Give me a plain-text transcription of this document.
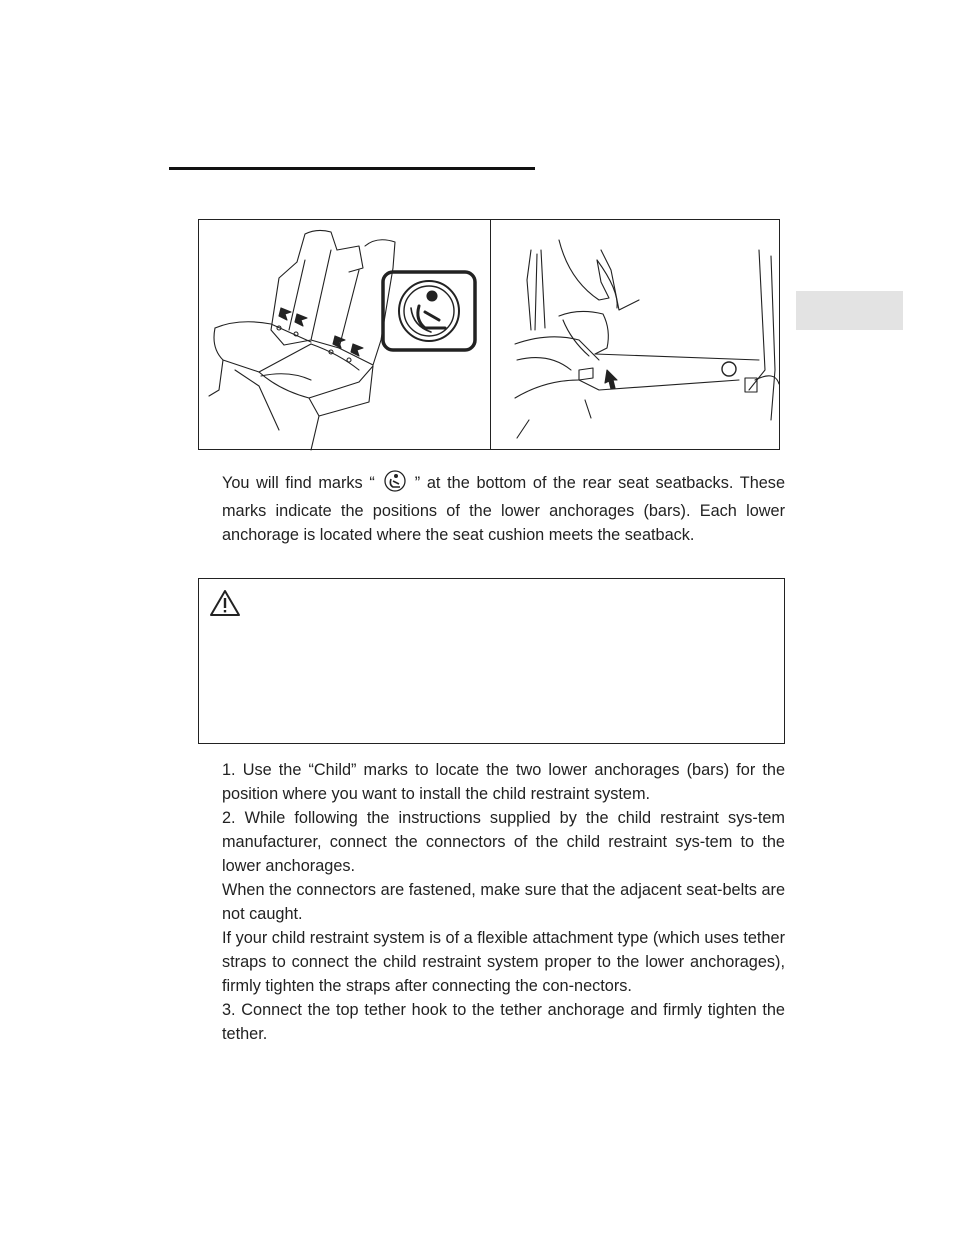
You will find marks “ ” at the bottom of the rear seat seatbacks. These marks indicate the positions of the lower anchorages (bars). Each lower anchorage is located where the seat cushion meets the seatback.

1. Use the “Child” marks to locate the two lower anchorages (bars) for the position where you want to install the child restraint system.

2. While following the instructions supplied by the child restraint sys-tem manufacturer, connect the connectors of the child restraint sys-tem to the lower anchorages.

When the connectors are fastened, make sure that the adjacent seat-belts are not caught.

If your child restraint system is of a flexible attachment type (which uses tether straps to connect the child restraint system proper to the lower anchorages), firmly tighten the straps after connecting the con-nectors.

3. Connect the top tether hook to the tether anchorage and firmly tighten the tether.
